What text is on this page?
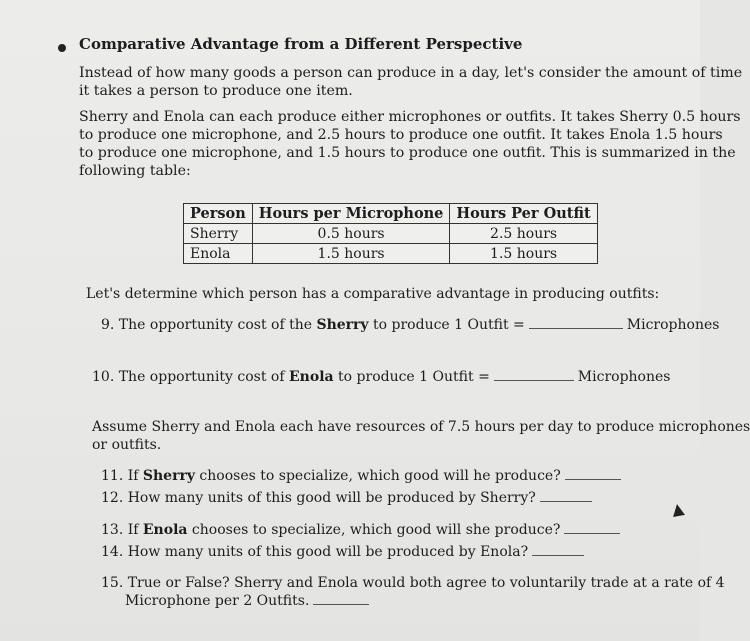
Comparative Advantage from a Different Perspective
Instead of how many goods a person can produce in a day, let's consider the amount of time
it takes a person to produce one item.
Sherry and Enola can each produce either microphones or outfits. It takes Sherry 0.5 hours
to produce one microphone, and 2.5 hours to produce one outfit. It takes Enola 1.5 hours
to produce one microphone, and 1.5 hours to produce one outfit. This is summarized in the
following table:
Person	Hours per Microphone	Hours Per Outfit
Sherry	0.5 hours	2.5 hours
Enola	1.5 hours	1.5 hours
Let's determine which person has a comparative advantage in producing outfits:
9. The opportunity cost of the Sherry to produce 1 Outfit =	Microphones
10. The opportunity cost of Enola to produce 1 Outfit =	Microphones
Assume Sherry and Enola each have resources of 7.5 hours per day to produce microphones
or outfits.
11. If Sherry chooses to specialize, which good will he produce?
12. How many units of this good will be produced by Sherry?
13. If Enola chooses to specialize, which good will she produce?
14. How many units of this good will be produced by Enola?
15. True or False? Sherry and Enola would both agree to voluntarily trade at a rate of 4
Microphone per 2 Outfits.
